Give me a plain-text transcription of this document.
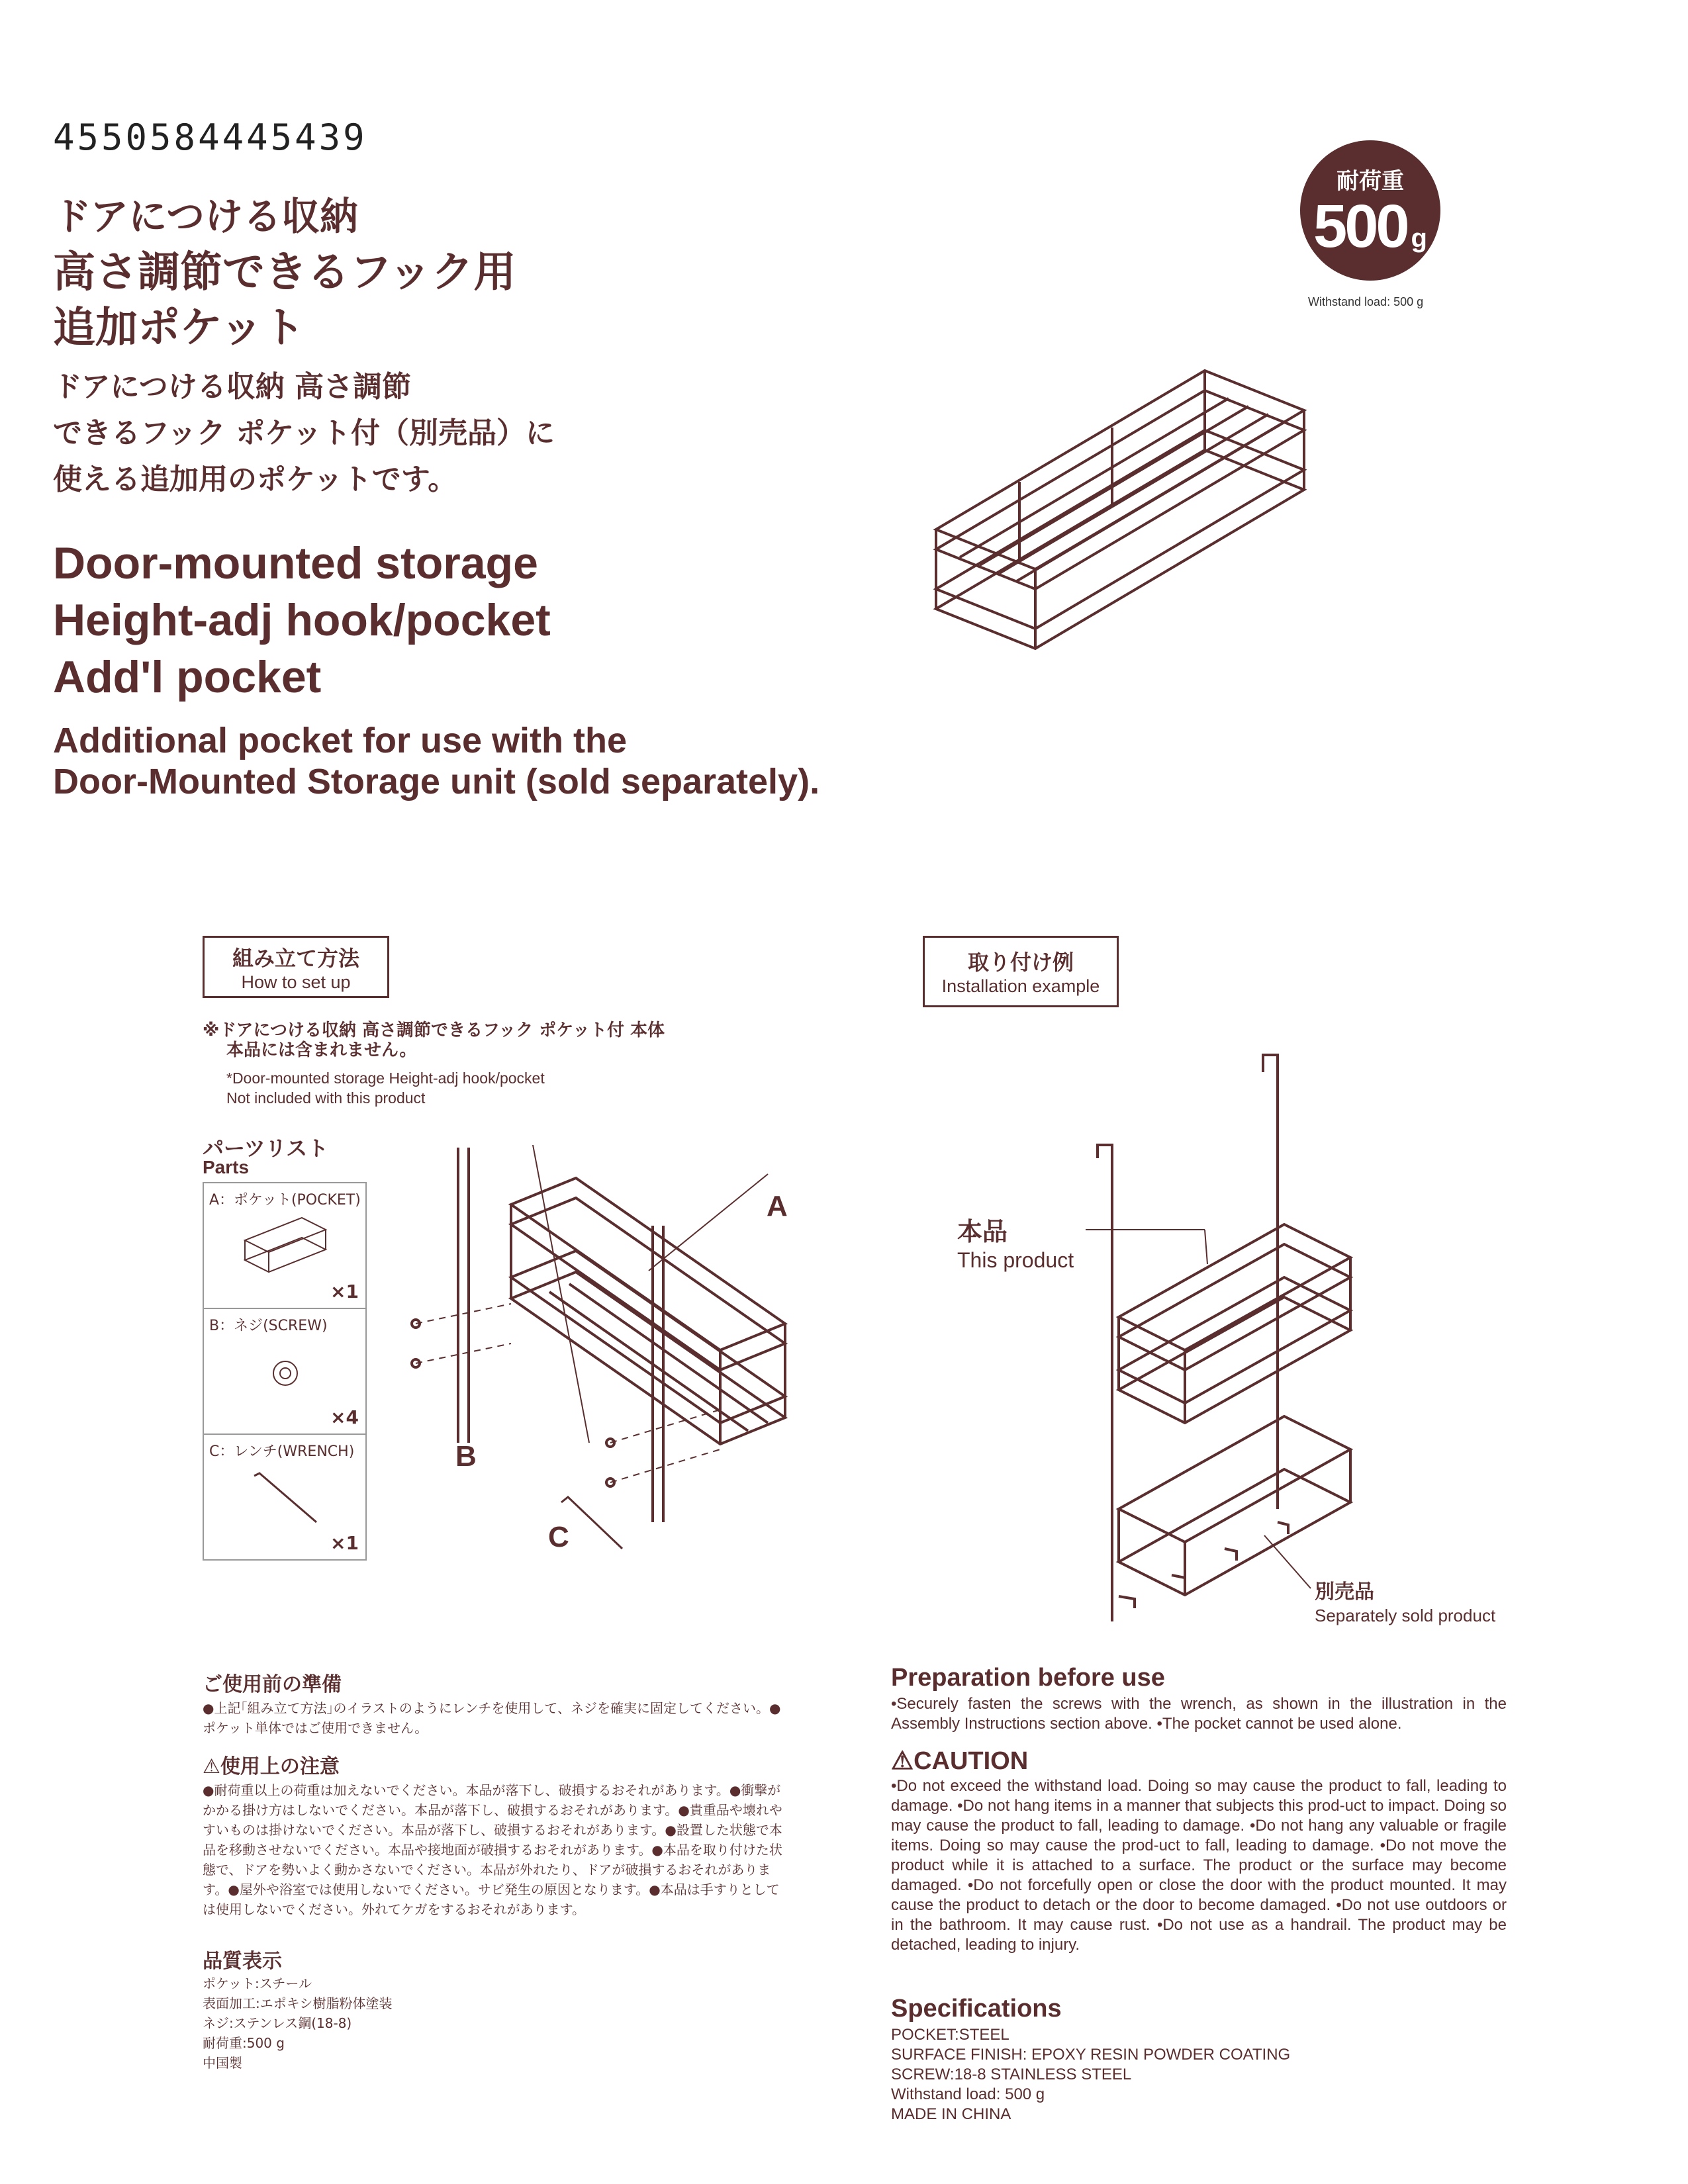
4550584445439
ドアにつける収納
高さ調節できるフック用
追加ポケット
ドアにつける収納 高さ調節
できるフック ポケット付（別売品）に
使える追加用のポケットです。
Door-mounted storage
Height-adj hook/pocket
Add'l pocket
Additional pocket for use with the
Door-Mounted Storage unit (sold separately).
耐荷重
500 g
Withstand load: 500 g
組み立て方法
How to set up
※ドアにつける収納 高さ調節できるフック ポケット付 本体
本品には含まれません。
*Door-mounted storage Height-adj hook/pocket
Not included with this product
パーツリスト
Parts
A：ポケット(POCKET)
×1
B：ネジ(SCREW)
×4
C：レンチ(WRENCH)
×1
A
B
C
取り付け例
Installation example
本品
This product
別売品
Separately sold product
ご使用前の準備
●上記｢組み立て方法｣のイラストのようにレンチを使用して、ネジを確実に固定してください。●ポケット単体ではご使用できません。
⚠使用上の注意
●耐荷重以上の荷重は加えないでください。本品が落下し、破損するおそれがあります。●衝撃がかかる掛け方はしないでください。本品が落下し、破損するおそれがあります。●貴重品や壊れやすいものは掛けないでください。本品が落下し、破損するおそれがあります。●設置した状態で本品を移動させないでください。本品や接地面が破損するおそれがあります。●本品を取り付けた状態で、ドアを勢いよく動かさないでください。本品が外れたり、ドアが破損するおそれがあります。●屋外や浴室では使用しないでください。サビ発生の原因となります。●本品は手すりとしては使用しないでください。外れてケガをするおそれがあります。
品質表示
ポケット:スチール
表面加工:エポキシ樹脂粉体塗装
ネジ:ステンレス鋼(18-8)
耐荷重:500 g
中国製
Preparation before use
•Securely fasten the screws with the wrench, as shown in the illustration in the Assembly Instructions section above. •The pocket cannot be used alone.
⚠CAUTION
•Do not exceed the withstand load. Doing so may cause the product to fall, leading to damage. •Do not hang items in a manner that subjects this prod-uct to impact. Doing so may cause the product to fall, leading to damage. •Do not hang any valuable or fragile items. Doing so may cause the prod-uct to fall, leading to damage. •Do not move the product while it is attached to a surface. The product or the surface may become damaged. •Do not forcefully open or close the door with the product mounted. It may cause the product to detach or the door to become damaged. •Do not use outdoors or in the bathroom. It may cause rust. •Do not use as a handrail. The product may be detached, leading to injury.
Specifications
POCKET:STEEL
SURFACE FINISH: EPOXY RESIN POWDER COATING
SCREW:18-8 STAINLESS STEEL
Withstand load: 500 g
MADE IN CHINA
